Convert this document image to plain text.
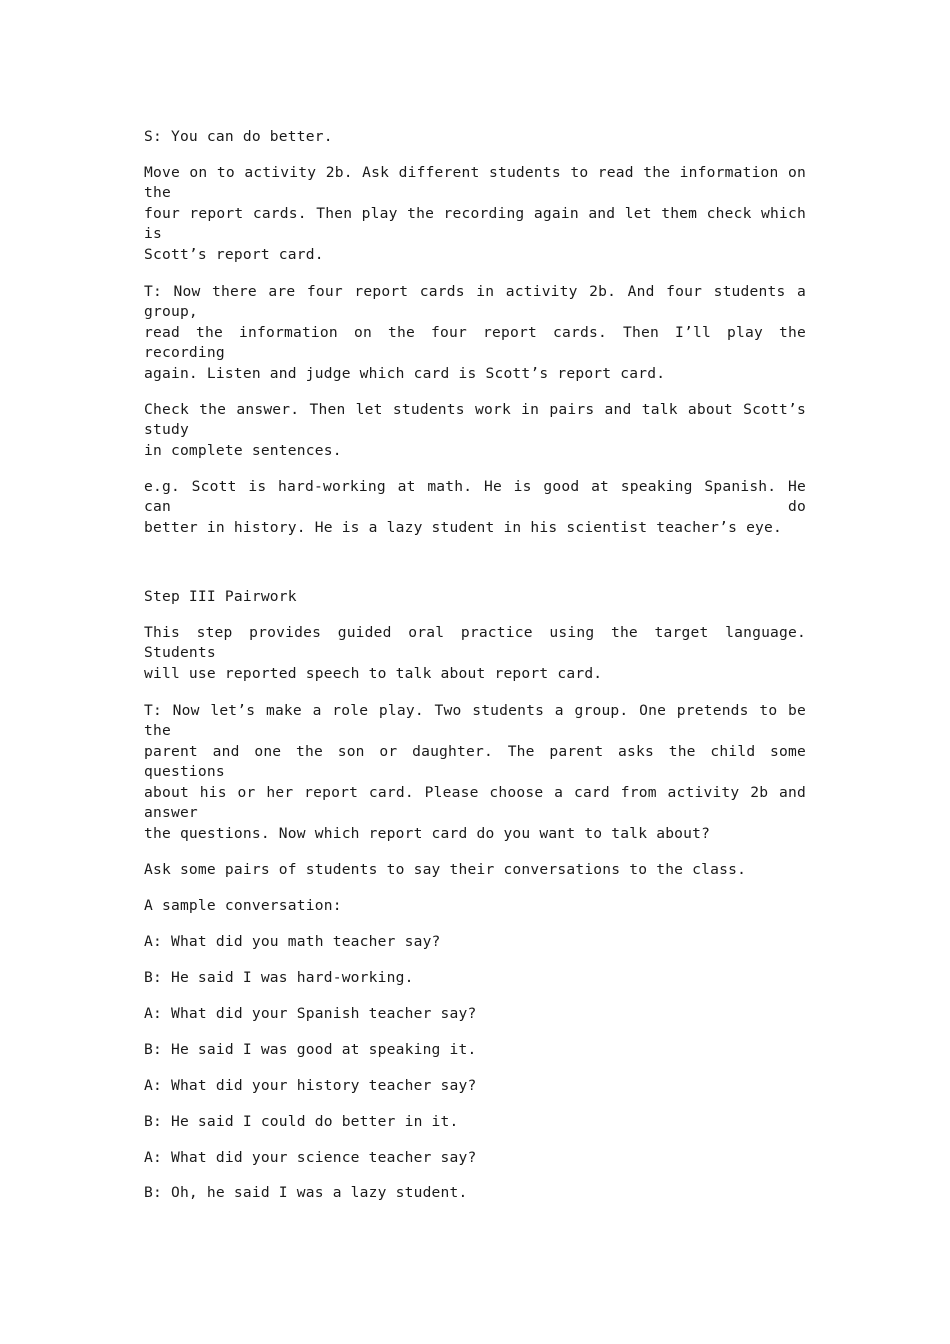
S: You can do better.
Move on to activity 2b. Ask different students to read the information on the
four report cards. Then play the recording again and let them check which is
Scott’s report card.
T: Now there are four report cards in activity 2b. And four students a group,
read the information on the four report cards. Then I’ll play the recording
again. Listen and judge which card is Scott’s report card.
Check the answer. Then let students work in pairs and talk about Scott’s study
in complete sentences.
e.g. Scott is hard-working at math. He is good at speaking Spanish. He can do
better in history. He is a lazy student in his scientist teacher’s eye.
Step III Pairwork
This step provides guided oral practice using the target language. Students
will use reported speech to talk about report card.
T: Now let’s make a role play. Two students a group. One pretends to be the
parent and one the son or daughter. The parent asks the child some questions
about his or her report card. Please choose a card from activity 2b and answer
the questions. Now which report card do you want to talk about?
Ask some pairs of students to say their conversations to the class.
A sample conversation:
A: What did you math teacher say?
B: He said I was hard-working.
A: What did your Spanish teacher say?
B: He said I was good at speaking it.
A: What did your history teacher say?
B: He said I could do better in it.
A: What did your science teacher say?
B: Oh, he said I was a lazy student.
